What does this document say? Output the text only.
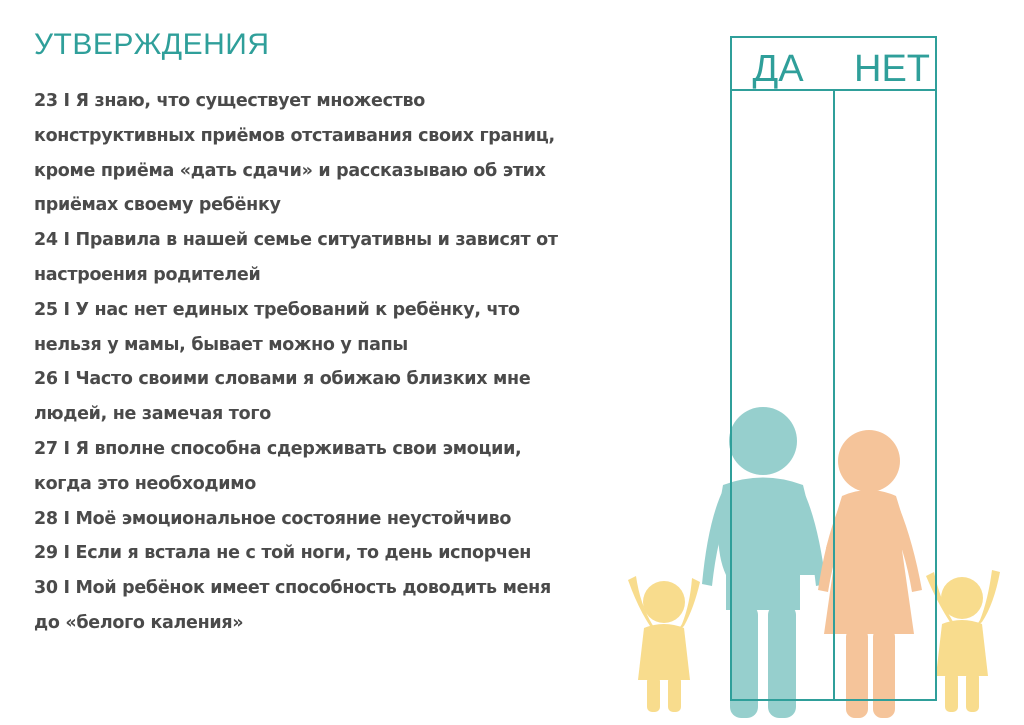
УТВЕРЖДЕНИЯ
23 I Я знаю, что существует множество
конструктивных приёмов отстаивания своих границ,
кроме приёма «дать сдачи» и рассказываю об этих
приёмах своему ребёнку
24 I Правила в нашей семье ситуативны и зависят от
настроения родителей
25 I У нас нет единых требований к ребёнку, что
нельзя у мамы, бывает можно у папы
26 I Часто своими словами я обижаю близких мне
людей, не замечая того
27 I Я вполне способна сдерживать свои эмоции,
когда это необходимо
28 I Моё эмоциональное состояние неустойчиво
29 I Если я встала не с той ноги, то день испорчен
30 I Мой ребёнок имеет способность доводить меня
до «белого каления»
ДА НЕТ
